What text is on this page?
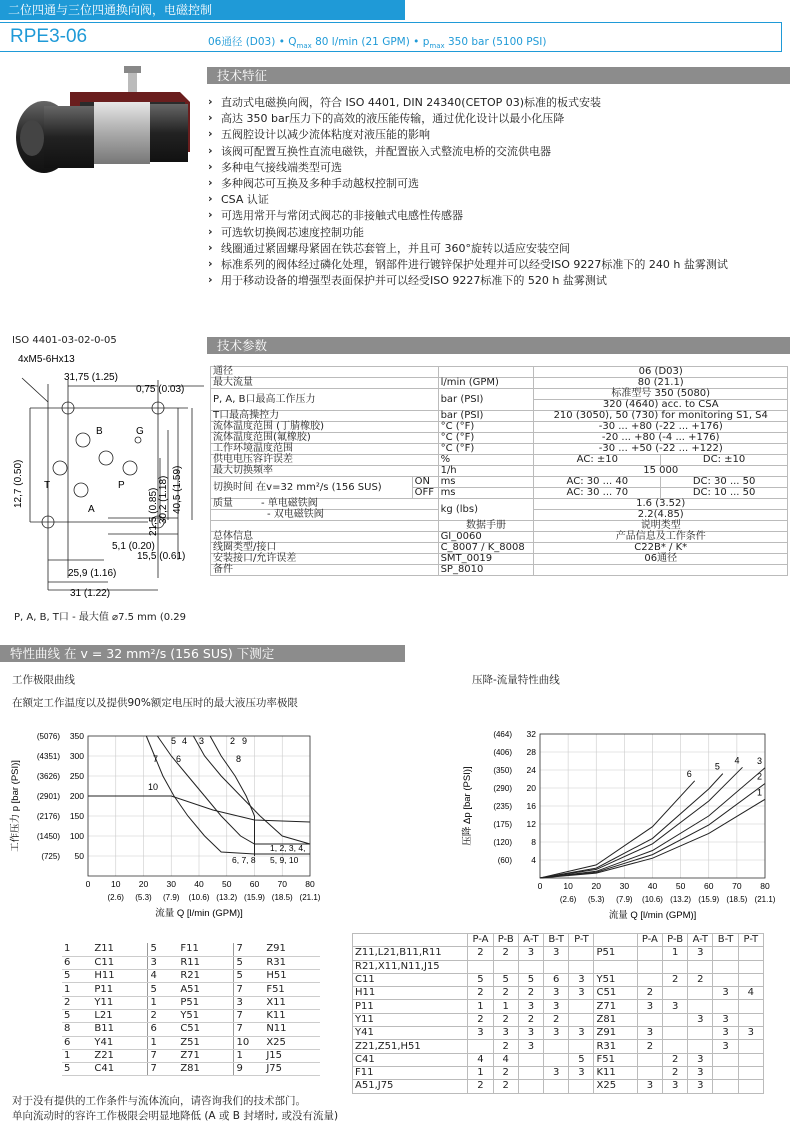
二位四通与三位四通换向阀，电磁控制
RPE3-06	06通径 (D03) • $Q_{max}$ 80 l/min (21 GPM) • $p_{max}$ 350 bar (5100 PSI)
技术特征
› 直动式电磁换向阀，符合 ISO 4401, DIN 24340(CETOP 03)标准的板式安装
› 高达 350 bar压力下的高效的液压能传输，通过优化设计以最小化压降
› 五阀腔设计以减少流体粘度对液压能的影响
› 该阀可配置互换性直流电磁铁，并配置嵌入式整流电桥的交流供电器
› 多种电气接线端类型可选
› 多种阀芯可互换及多种手动越权控制可选
› CSA 认证
› 可选用常开与常闭式阀芯的非接触式电感性传感器
› 可选软切换阀芯速度控制功能
› 线圈通过紧固螺母紧固在铁芯套管上，并且可 360°旋转以适应安装空间
› 标准系列的阀体经过磷化处理，钢部件进行镀锌保护处理并可以经受ISO 9227标准下的 240 h 盐雾测试
› 用于移动设备的增强型表面保护并可以经受ISO 9227标准下的 520 h 盐雾测试
ISO 4401-03-02-0-05
4xM5-6Hx13
31,75 (1.25)
0,75 (0.03)
12,7 (0.50)
21,5 (0.85) 30,2 (1.18) 40,5 (1.59)
5,1 (0.20)
15,5 (0.61)
25,9 (1.16)
31 (1.22)
B	G
T	P
A
P, A, B, T口 - 最大值 ⌀7.5 mm (0.29
技术参数
通径			06 (D03)	
最大流量		l/min (GPM)	80 (21.1)	
P, A, B口最高工作压力		bar (PSI)	标准型号 350 (5080)	
			320 (4640) acc. to CSA	
T口最高操控力		bar (PSI)	210 (3050), 50 (730) for monitoring S1, S4	
流体温度范围 (丁腈橡胶)		°C (°F)	-30 ... +80 (-22 ... +176)	
流体温度范围(氟橡胶)		°C (°F)	-20 ... +80 (-4 ... +176)	
工作环境温度范围		°C (°F)	-30 ... +50 (-22 ... +122)	
供电电压容许误差		%	AC: ±10	DC: ±10
最大切换频率		1/h	15 000	
切换时间 在v=32 mm²/s (156 SUS)	ON	ms	AC: 30 ... 40	DC: 30 ... 50
	OFF	ms	AC: 30 ... 70	DC: 10 ... 50
质量 - 单电磁铁阀		kg (lbs)	1.6 (3.52)	
- 双电磁铁阀			2.2(4.85)	
		数据手册	说明类型	
总体信息		GI_0060	产品信息及工作条件	
线圈类型/接口		C_8007 / K_8008	C22B* / K*	
安装接口/允许误差		SMT_0019	06通径	
备件		SP_8010		
特性曲线 在 v = 32 mm²/s (156 SUS) 下测定
工作极限曲线
在额定工作温度以及提供90%额定电压时的最大液压功率极限
压降-流量特性曲线
0 10 20 30 40 50 60 70 80
(2.6) (5.3) (7.9) (10.6) (13.2) (15.9) (18.5) (21.1)
50
(725)
100
(1450)
150
(2176)
200
(2901)
250
(3626)
300
(4351)
350
(5076)
流量 Q [l/min (GPM)]
工作压力 p [bar (PSI)]
5 4 3	2 9
7 6	8
10
6, 7, 8
1, 2, 3, 4,
5, 9, 10
0 10 20 30 40 50 60 70 80
(2.6) (5.3) (7.9) (10.6) (13.2) (15.9) (18.5) (21.1)
4
(60)
8
(120)
12
(175)
16
(235)
20
(290)
24
(350)
28
(406)
32
(464)
流量 Q [l/min (GPM)]
压降 Δp [bar (PSI)]	1
2
3
4
5
6
1	Z11	5	F11	7	Z91
6	C11	3	R11	5	R31
5	H11	4	R21	5	H51
1	P11	5	A51	7	F51
2	Y11	1	P51	3	X11
5	L21	2	Y51	7	K11
8	B11	6	C51	7	N11
6	Y41	1	Z51	10	X25
1	Z21	7	Z71	1	J15
5	C41	7	Z81	9	J75
	P-A	P-B	A-T	B-T	P-T		P-A	P-B	A-T	B-T	P-T
Z11,L21,B11,R11	2	2	3	3		P51		1	3		
R21,X11,N11,J15											
C11	5	5	5	6	3	Y51		2	2		
H11	2	2	2	3	3	C51	2			3	4
P11	1	1	3	3		Z71	3	3			
Y11	2	2	2	2		Z81			3	3	
Y41	3	3	3	3	3	Z91	3			3	3
Z21,Z51,H51		2	3			R31	2			3	
C41	4	4			5	F51		2	3		
F11	1	2		3	3	K11		2	3		
A51,J75	2	2				X25	3	3	3		
对于没有提供的工作条件与流体流向，请咨询我们的技术部门。
单向流动时的容许工作极限会明显地降低 (A 或 B 封堵时, 或没有流量)
